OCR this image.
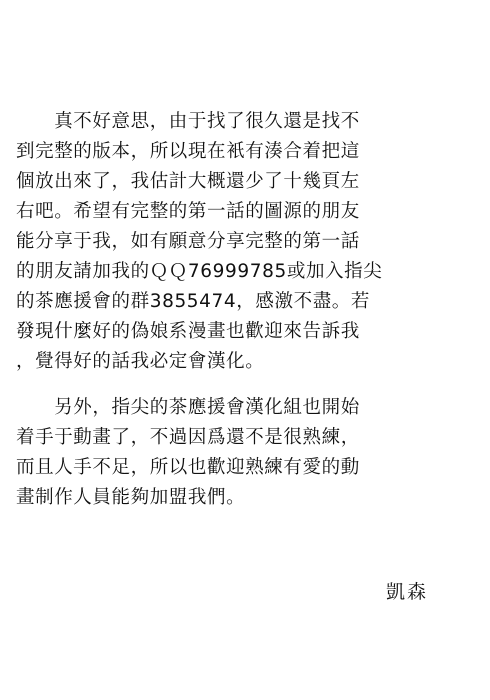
　　真不好意思，由于找了很久還是找不
到完整的版本，所以現在衹有湊合着把這
個放出來了，我估計大概還少了十幾頁左
右吧。希望有完整的第一話的圖源的朋友
能分享于我，如有願意分享完整的第一話
的朋友請加我的ＱＱ76999785或加入指尖
的茶應援會的群3855474，感激不盡。若
發現什麼好的偽娘系漫畫也歡迎來告訴我
，覺得好的話我必定會漢化。
　　另外，指尖的茶應援會漢化組也開始
着手于動畫了，不過因爲還不是很熟練，
而且人手不足，所以也歡迎熟練有愛的動
畫制作人員能夠加盟我們。
凱森
